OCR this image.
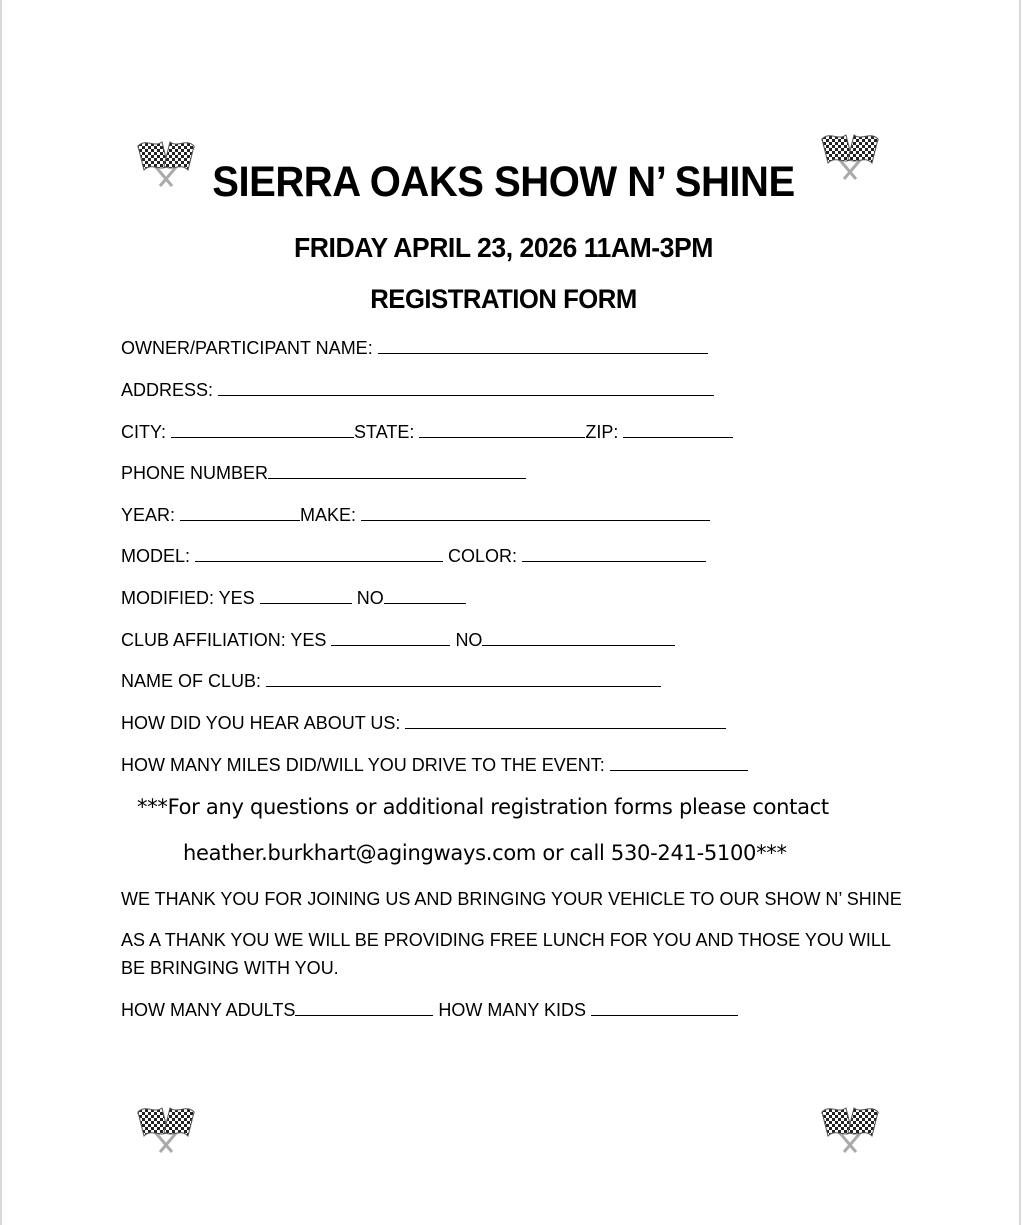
SIERRA OAKS SHOW N’ SHINE
FRIDAY APRIL 23, 2026 11AM-3PM
REGISTRATION FORM
OWNER/PARTICIPANT NAME:
ADDRESS:
CITY:	STATE:	ZIP:
PHONE NUMBER
YEAR:	MAKE:
MODEL:	COLOR:
MODIFIED: YES	NO
CLUB AFFILIATION: YES	NO
NAME OF CLUB:
HOW DID YOU HEAR ABOUT US:
HOW MANY MILES DID/WILL YOU DRIVE TO THE EVENT:
***For any questions or additional registration forms please contact
heather.burkhart@agingways.com or call 530-241-5100***
WE THANK YOU FOR JOINING US AND BRINGING YOUR VEHICLE TO OUR SHOW N’ SHINE
AS A THANK YOU WE WILL BE PROVIDING FREE LUNCH FOR YOU AND THOSE YOU WILL
BE BRINGING WITH YOU.
HOW MANY ADULTS	HOW MANY KIDS
